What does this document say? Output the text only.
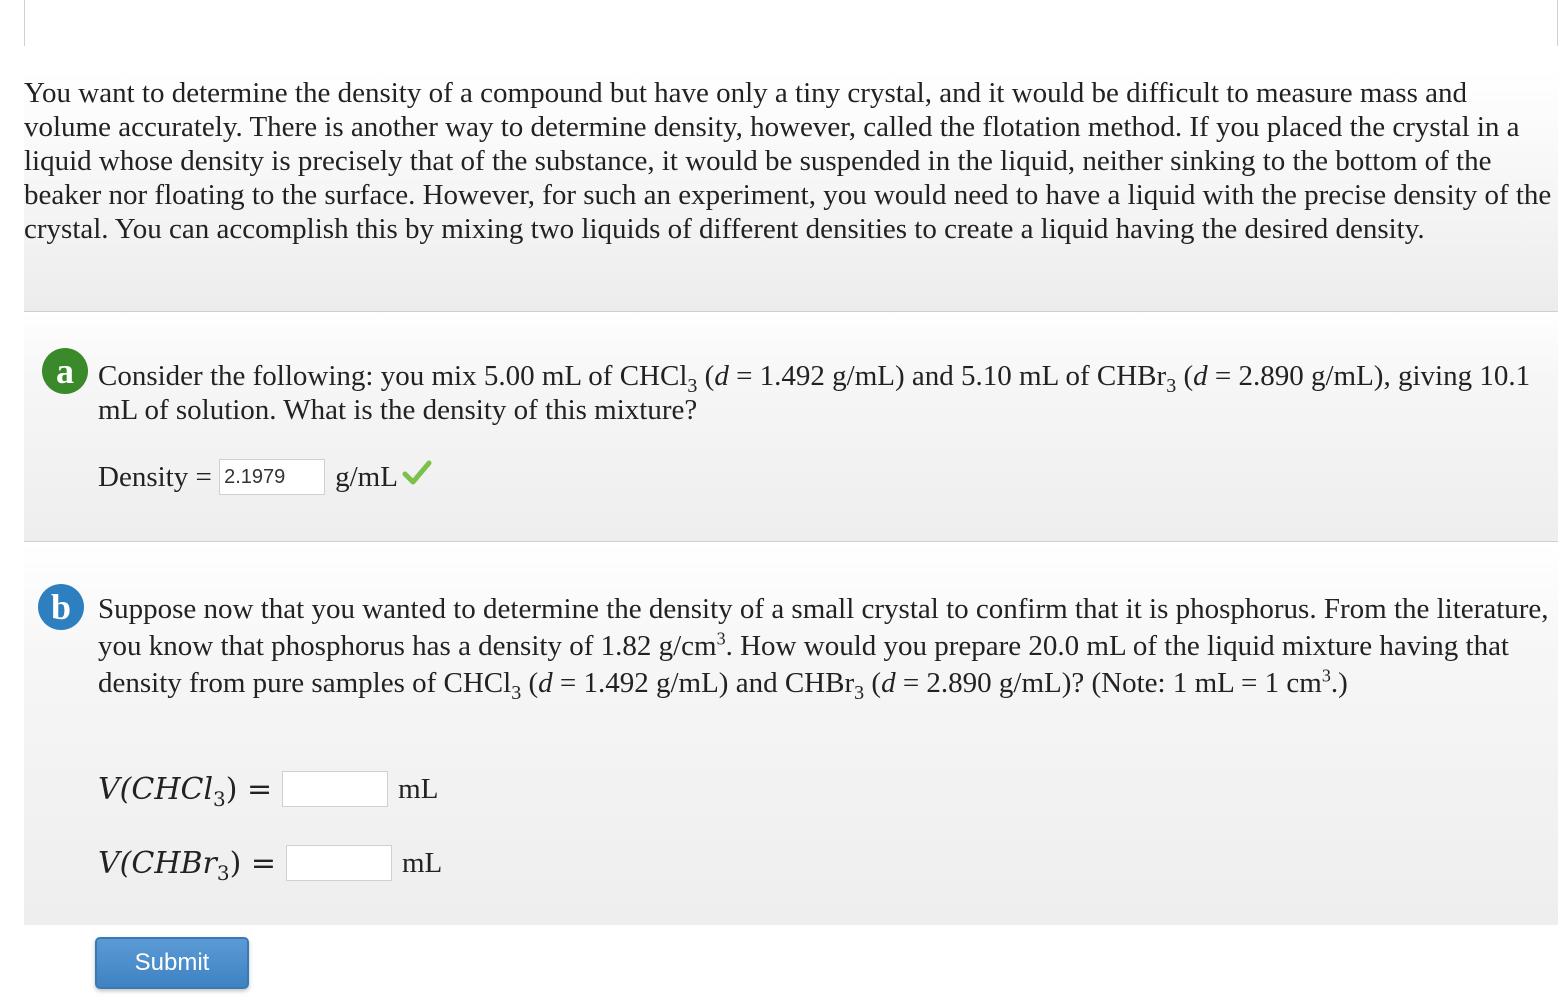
You want to determine the density of a compound but have only a tiny crystal, and it would be difficult to measure mass and volume accurately. There is another way to determine density, however, called the flotation method. If you placed the crystal in a liquid whose density is precisely that of the substance, it would be suspended in the liquid, neither sinking to the bottom of the beaker nor floating to the surface. However, for such an experiment, you would need to have a liquid with the precise density of the crystal. You can accomplish this by mixing two liquids of different densities to create a liquid having the desired density.

a Consider the following: you mix 5.00 mL of CHCl$_3$ (d = 1.492 g/mL) and 5.10 mL of CHBr$_3$ (d = 2.890 g/mL), giving 10.1 mL of solution. What is the density of this mixture?

Density = 2.1979	g/mL
b Suppose now that you wanted to determine the density of a small crystal to confirm that it is phosphorus. From the literature, you know that phosphorus has a density of 1.82 $g/cm^3$. How would you prepare 20.0 mL of the liquid mixture having that density from pure samples of CHCl$_3$ (d = 1.492 g/mL) and CHBr$_3$ (d = 2.890 g/mL)? (Note: 1 mL = 1 $cm^3$.)

V(CHCl$_3$) =	mL
V(CHBr$_3$) =	mL
Submit
